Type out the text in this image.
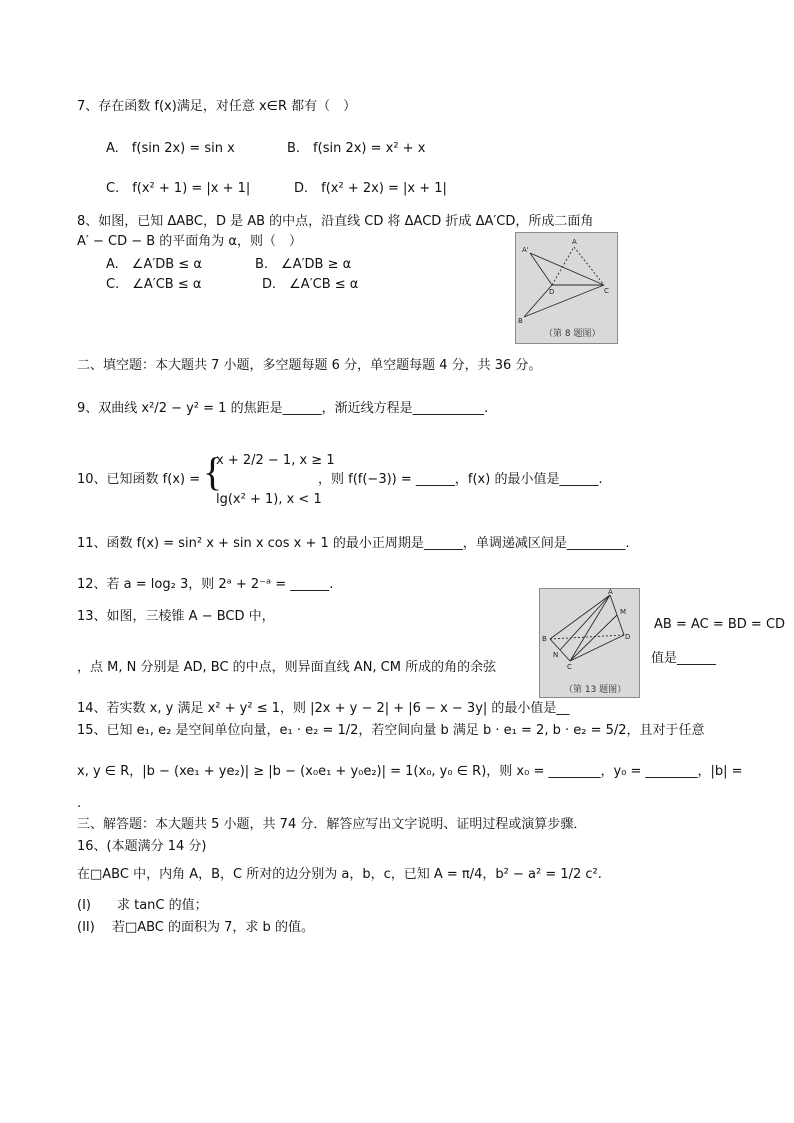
7、存在函数 f(x)满足，对任意 x∈R 都有（　）
A.　f(sin 2x) = sin x	B.　f(sin 2x) = x² + x
C.　f(x² + 1) = |x + 1|	D.　f(x² + 2x) = |x + 1|
8、如图，已知 ΔABC，D 是 AB 的中点，沿直线 CD 将 ΔACD 折成 ΔA′CD，所成二面角
A′ − CD − B 的平面角为 α，则（　）
A.　∠A′DB ≤ α	B.　∠A′DB ≥ α
C.　∠A′CB ≤ α	D.　∠A′CB ≤ α
A'
A
D	C
B
（第 8 题图）
二、填空题：本大题共 7 小题，多空题每题 6 分，单空题每题 4 分，共 36 分。
9、双曲线 x²/2 − y² = 1 的焦距是______，渐近线方程是___________.
10、已知函数 f(x) = {
x + 2/2 − 1, x ≥ 1
lg(x² + 1), x < 1
，则 f(f(−3)) = ______，f(x) 的最小值是______.
11、函数 f(x) = sin² x + sin x cos x + 1 的最小正周期是______，单调递减区间是_________.
12、若 a = log₂ 3，则 2ᵃ + 2⁻ᵃ = ______.
13、如图，三棱锥 A − BCD 中，
AB = AC = BD = CD
，点 M, N 分别是 AD, BC 的中点，则异面直线 AN, CM 所成的角的余弦
值是______
A
M
D
B
N
C
（第 13 题图）
14、若实数 x, y 满足 x² + y² ≤ 1，则 |2x + y − 2| + |6 − x − 3y| 的最小值是__
15、已知 e₁, e₂ 是空间单位向量，e₁ · e₂ = 1/2，若空间向量 b 满足 b · e₁ = 2, b · e₂ = 5/2，且对于任意
x, y ∈ R，|b − (xe₁ + ye₂)| ≥ |b − (x₀e₁ + y₀e₂)| = 1(x₀, y₀ ∈ R)，则 x₀ = ________，y₀ = ________，|b| =
.
三、解答题：本大题共 5 小题，共 74 分．解答应写出文字说明、证明过程或演算步骤．
16、(本题满分 14 分)
在□ABC 中，内角 A，B，C 所对的边分别为 a，b，c，已知 A = π/4，b² − a² = 1/2 c².
(I)　　求 tanC 的值；
(II)　 若□ABC 的面积为 7，求 b 的值。
